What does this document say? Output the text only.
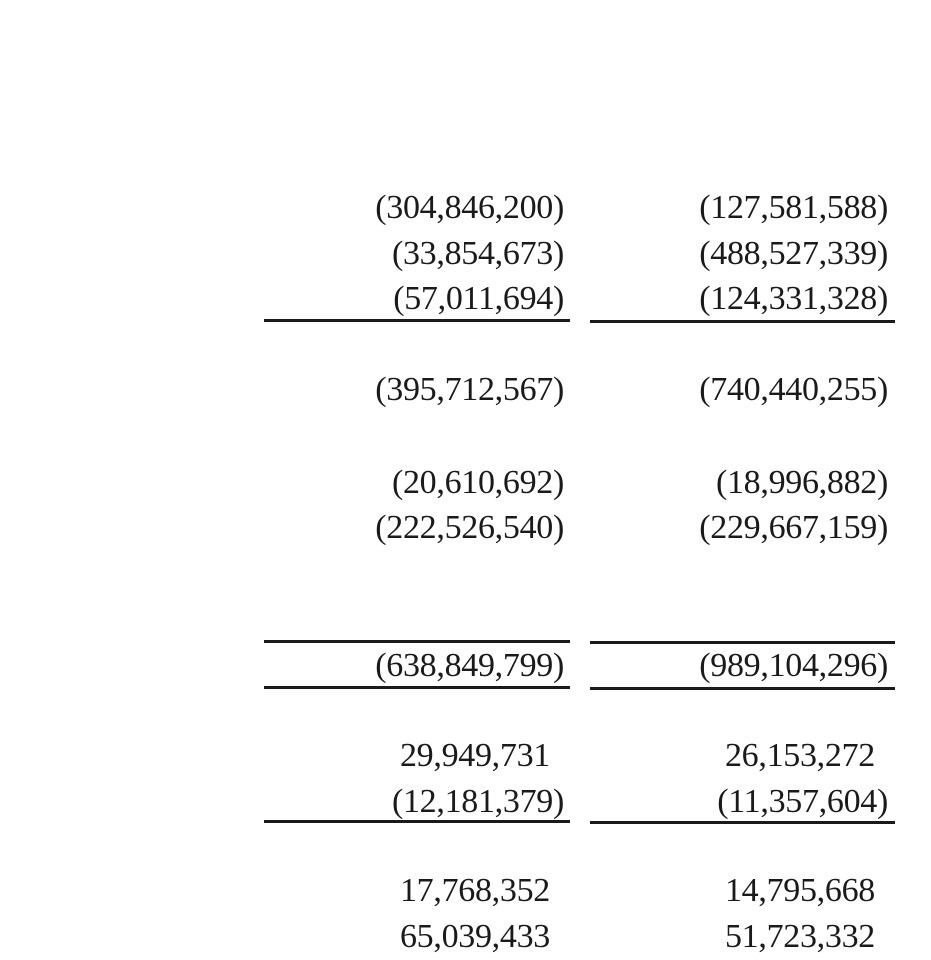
(304,846,200)
(33,854,673)
(57,011,694)
(395,712,567)
(20,610,692)
(222,526,540)
(638,849,799)
29,949,731
(12,181,379)
17,768,352
65,039,433
(127,581,588)
(488,527,339)
(124,331,328)
(740,440,255)
(18,996,882)
(229,667,159)
(989,104,296)
26,153,272
(11,357,604)
14,795,668
51,723,332
